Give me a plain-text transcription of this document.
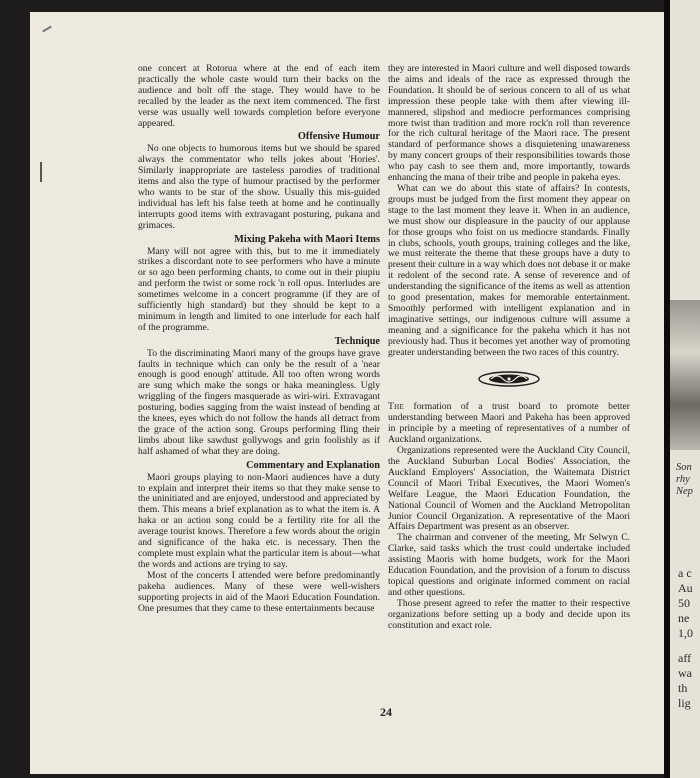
one concert at Rotorua where at the end of each item practically the whole caste would turn their backs on the audience and bolt off the stage. They would have to be recalled by the leader as the next item commenced. The first verse was usually well towards completion before everyone appeared.

Offensive Humour

No one objects to humorous items but we should be spared always the commentator who tells jokes about 'Hories'. Similarly inappropriate are tasteless parodies of traditional items and also the type of humour practised by the performer who wants to be star of the show. Usually this mis-guided individual has left his false teeth at home and he continually interrupts good items with extravagant posturing, pukana and grimaces.

Mixing Pakeha with Maori Items

Many will not agree with this, but to me it immediately strikes a discordant note to see performers who have a minute or so ago been performing chants, to come out in their piupiu and perform the twist or some rock 'n roll opus. Interludes are sometimes welcome in a concert programme (if they are of sufficiently high standard) but they should be kept to a minimum in length and limited to one interlude for each half of the programme.

Technique

To the discriminating Maori many of the groups have grave faults in technique which can only be the result of a 'near enough is good enough' attitude. All too often wrong words are sung which make the songs or haka meaningless. Ugly wriggling of the fingers masquerade as wiri-wiri. Extravagant posturing, bodies sagging from the waist instead of bending at the knees, eyes which do not follow the hands all detract from the grace of the action song. Groups performing fling their limbs about like sawdust gollywogs and grin foolishly as if half ashamed of what they are doing.

Commentary and Explanation

Maori groups playing to non-Maori audiences have a duty to explain and interpret their items so that they make sense to the uninitiated and are enjoyed, understood and appreciated by them. This means a brief explanation as to what the item is. A haka or an action song could be a fertility rite for all the average tourist knows. Therefore a few words about the origin and significance of the haka etc. is necessary. Then the complete must explain what the particular item is about—what the words and actions are trying to say.

Most of the concerts I attended were before predominantly pakeha audiences. Many of these were well-wishers supporting projects in aid of the Maori Education Foundation. One presumes that they came to these entertainments because

they are interested in Maori culture and well disposed towards the aims and ideals of the race as expressed through the Foundation. It should be of serious concern to all of us what impression these people take with them after viewing ill-mannered, slipshod and mediocre performances comprising more twist than tradition and more rock'n roll than reverence for the rich cultural heritage of the Maori race. The present standard of performance shows a disquietening unawareness by many concert groups of their responsibilities towards those who pay cash to see them and, more importantly, towards enhancing the mana of their tribe and people in pakeha eyes.

What can we do about this state of affairs? In contests, groups must be judged from the first moment they appear on stage to the last moment they leave it. When in an audience, we must show our displeasure in the paucity of our applause for those groups who foist on us mediocre standards. Finally in clubs, schools, youth groups, training colleges and the like, we must reiterate the theme that these groups have a duty to present their culture in a way which does not debase it or make it redolent of the second rate. A sense of reverence and of understanding the significance of the items as well as attention to good presentation, makes for memorable entertainment. Smoothly performed with intelligent explanation and in imaginative settings, our indigenous culture will assume a meaning and a significance for the pakeha which it has not previously had. Thus it becomes yet another way of promoting greater understanding between the two races of this country.

The formation of a trust board to promote better understanding between Maori and Pakeha has been approved in principle by a meeting of representatives of a number of Auckland organizations.

Organizations represented were the Auckland City Council, the Auckland Suburban Local Bodies' Association, the Auckland Employers' Association, the Waitemata District Council of Maori Tribal Executives, the Maori Women's Welfare League, the Maori Education Foundation, the National Council of Women and the Auckland Metropolitan Junior Council Organization. A representative of the Maori Affairs Department was present as an observer.

The chairman and convener of the meeting, Mr Selwyn C. Clarke, said tasks which the trust could undertake included assisting Maoris with home budgets, work for the Maori Education Foundation, and the provision of a forum to discuss topical questions and originate informed comment on racial and other questions.

Those present agreed to refer the matter to their respective organizations before setting up a body and decide upon its constitution and exact role.

24
Son
rhy
Nep
a c
Au
50
ne
1,0
aff
wa
th
lig
